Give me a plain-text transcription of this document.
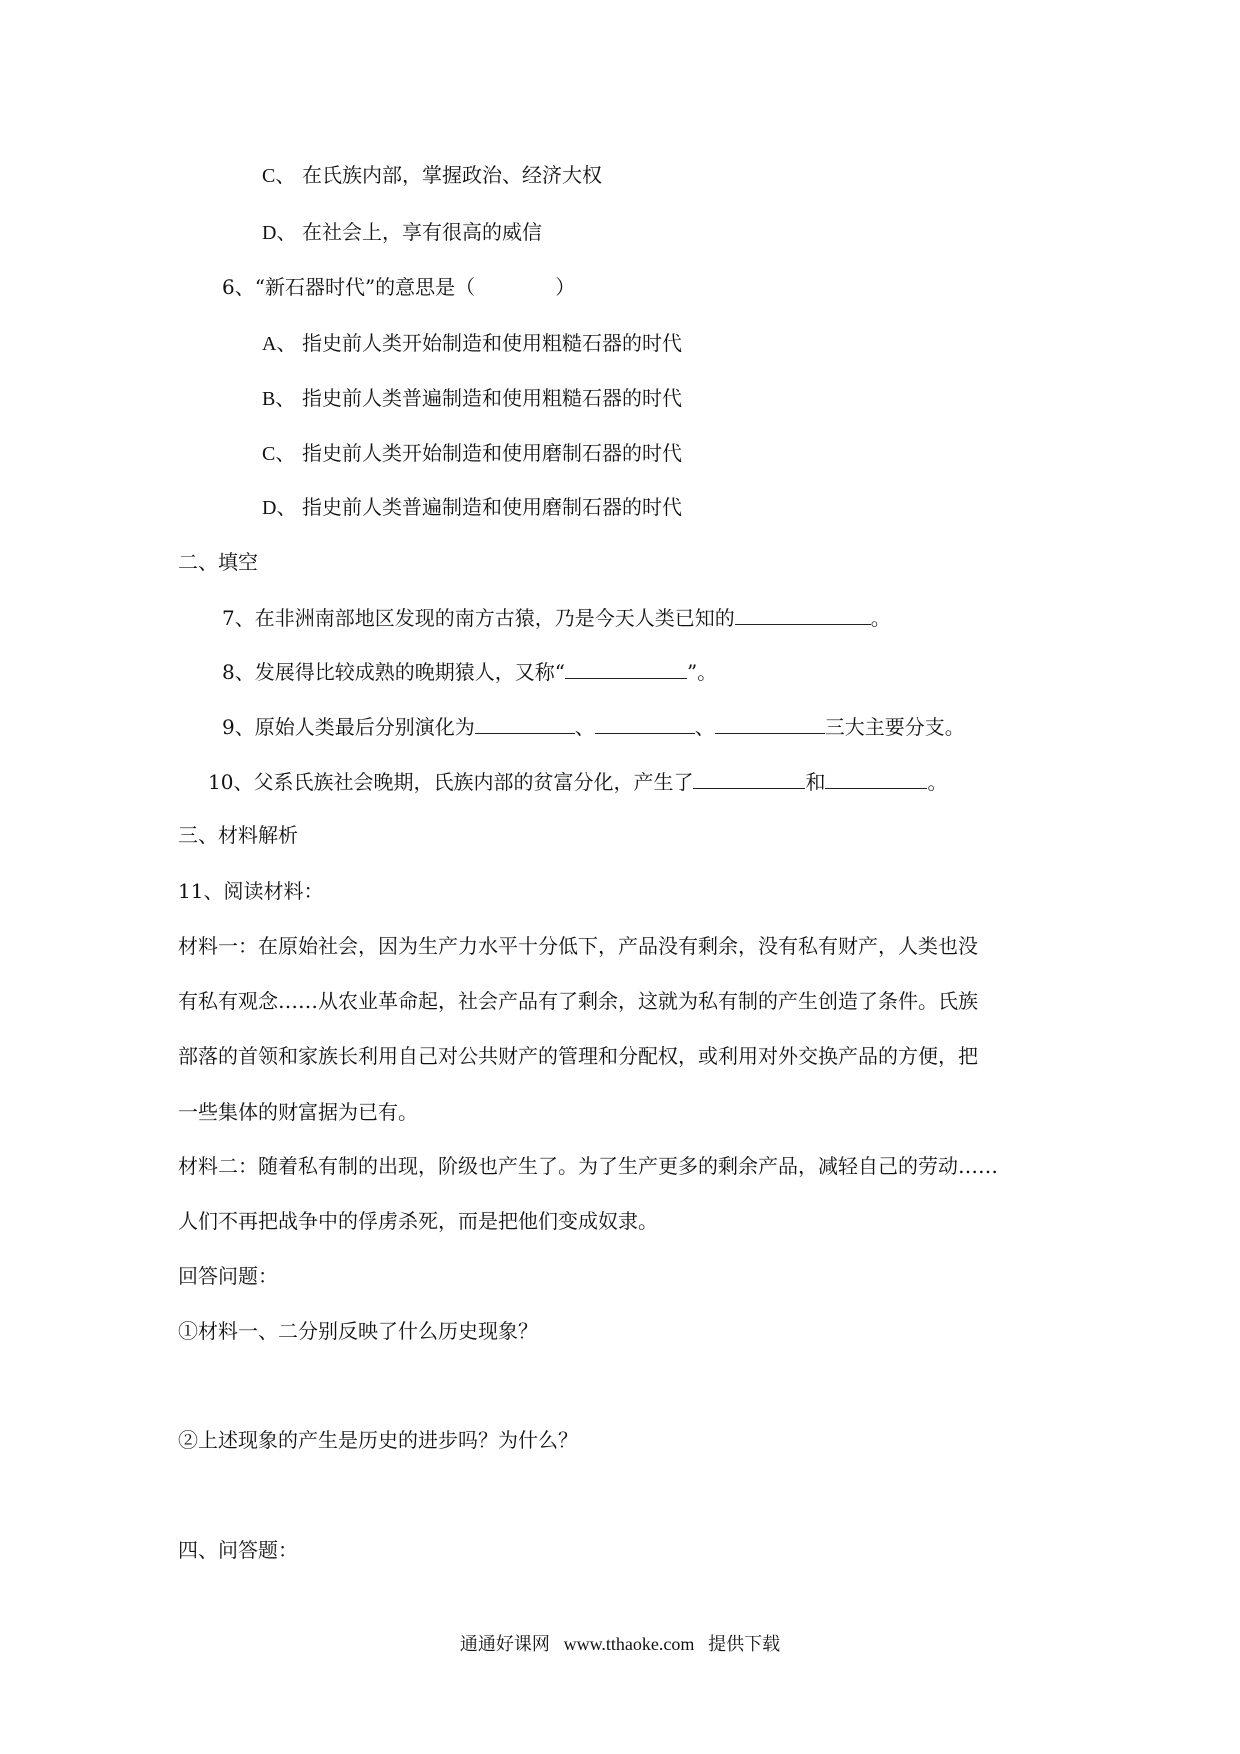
C、 在氏族内部，掌握政治、经济大权
D、 在社会上，享有很高的威信
6、“新石器时代”的意思是（	）
A、 指史前人类开始制造和使用粗糙石器的时代
B、 指史前人类普遍制造和使用粗糙石器的时代
C、 指史前人类开始制造和使用磨制石器的时代
D、 指史前人类普遍制造和使用磨制石器的时代
二、填空
7、在非洲南部地区发现的南方古猿，乃是今天人类已知的	。
8、发展得比较成熟的晚期猿人，又称“	”。
9、原始人类最后分别演化为	、	、	三大主要分支。
10、父系氏族社会晚期，氏族内部的贫富分化，产生了	和	。
三、材料解析
11、阅读材料：
材料一：在原始社会，因为生产力水平十分低下，产品没有剩余，没有私有财产，人类也没
有私有观念……从农业革命起，社会产品有了剩余，这就为私有制的产生创造了条件。氏族
部落的首领和家族长利用自己对公共财产的管理和分配权，或利用对外交换产品的方便，把
一些集体的财富据为已有。
材料二：随着私有制的出现，阶级也产生了。为了生产更多的剩余产品，减轻自己的劳动……
人们不再把战争中的俘虏杀死，而是把他们变成奴隶。
回答问题：
①材料一、二分别反映了什么历史现象？
②上述现象的产生是历史的进步吗？为什么？
四、问答题：
通通好课网 www.tthaoke.com 提供下载
